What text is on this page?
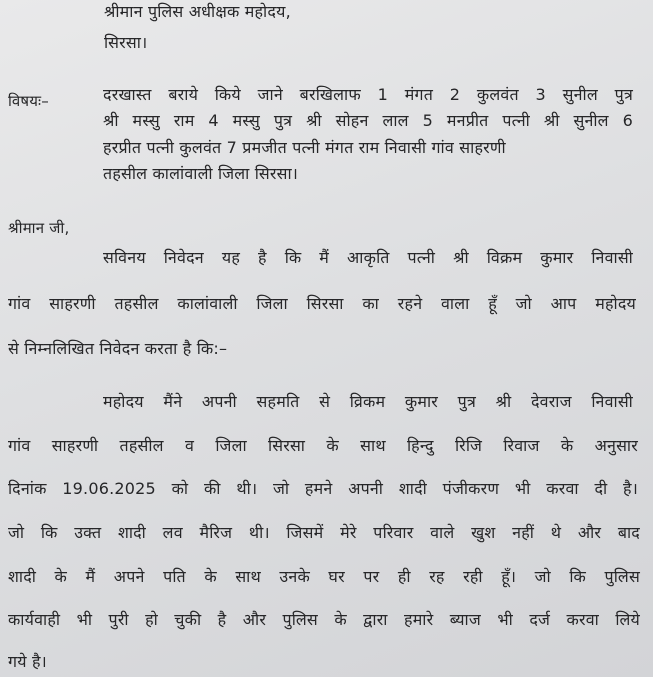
श्रीमान पुलिस अधीक्षक महोदय,
सिरसा।
विषयः–	दरखास्त बराये किये जाने बरखिलाफ 1 मंगत 2 कुलवंत 3 सुनील पुत्र
श्री मस्सु राम 4 मस्सु पुत्र श्री सोहन लाल 5 मनप्रीत पत्नी श्री सुनील 6
हरप्रीत पत्नी कुलवंत 7 प्रमजीत पत्नी मंगत राम निवासी गांव साहरणी
तहसील कालांवाली जिला सिरसा।
श्रीमान जी,
सविनय निवेदन यह है कि मैं आकृति पत्नी श्री विक्रम कुमार निवासी
गांव साहरणी तहसील कालांवाली जिला सिरसा का रहने वाला हूँ जो आप महोदय
से निम्नलिखित निवेदन करता है कि:–
महोदय मैंने अपनी सहमति से व्रिकम कुमार पुत्र श्री देवराज निवासी
गांव साहरणी तहसील व जिला सिरसा के साथ हिन्दु रिजि रिवाज के अनुसार
दिनांक 19.06.2025 को की थी। जो हमने अपनी शादी पंजीकरण भी करवा दी है।
जो कि उक्त शादी लव मैरिज थी। जिसमें मेरे परिवार वाले खुश नहीं थे और बाद
शादी के मैं अपने पति के साथ उनके घर पर ही रह रही हूँ। जो कि पुलिस
कार्यवाही भी पुरी हो चुकी है और पुलिस के द्वारा हमारे ब्याज भी दर्ज करवा लिये
गये है।
